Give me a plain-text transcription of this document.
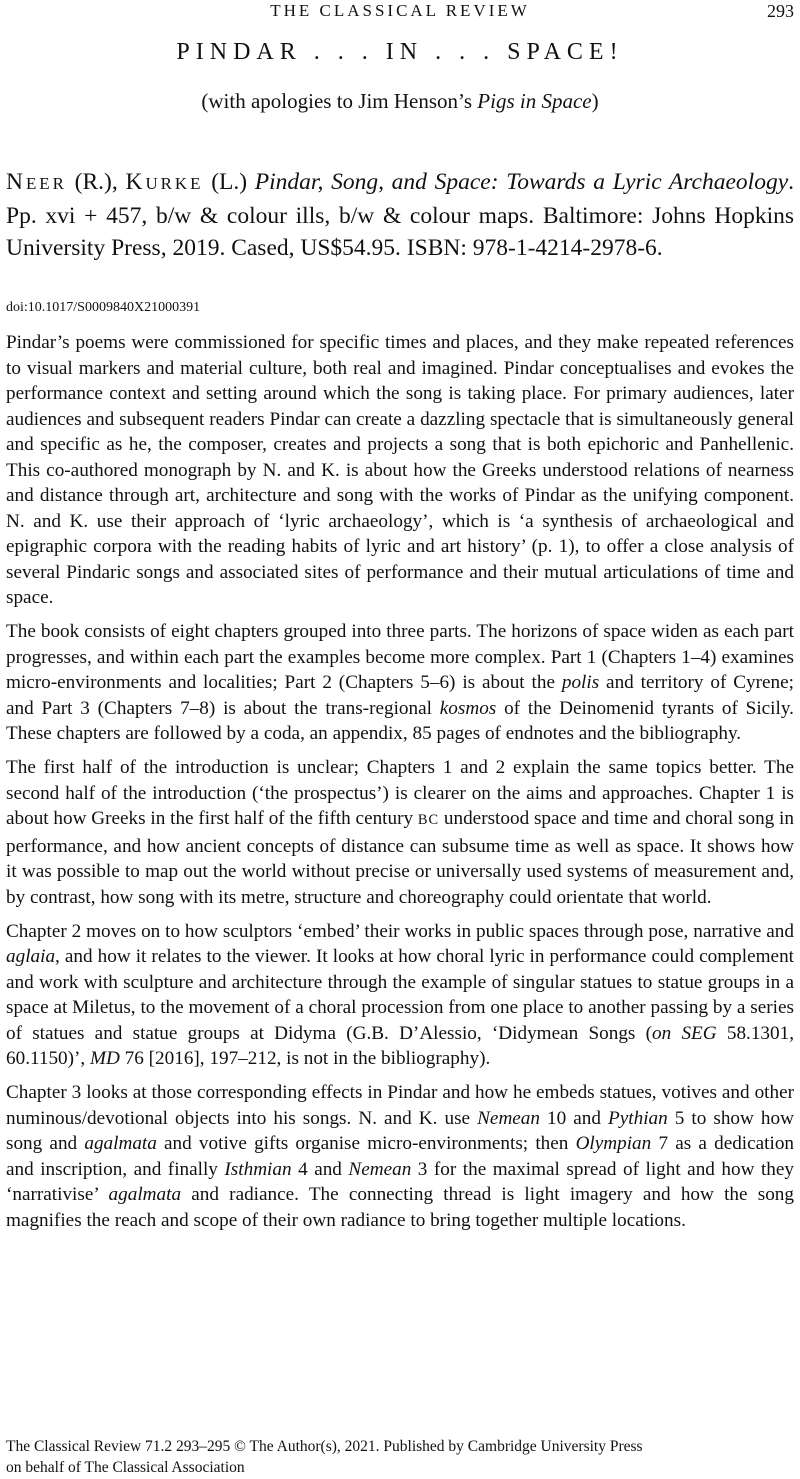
THE CLASSICAL REVIEW	293
PINDAR . . . IN . . . SPACE!
(with apologies to Jim Henson’s Pigs in Space)
NEER (R.), KURKE (L.) Pindar, Song, and Space: Towards a Lyric Archaeology. Pp. xvi + 457, b/w & colour ills, b/w & colour maps. Baltimore: Johns Hopkins University Press, 2019. Cased, US$54.95. ISBN: 978-1-4214-2978-6.
doi:10.1017/S0009840X21000391

Pindar’s poems were commissioned for specific times and places, and they make repeated references to visual markers and material culture, both real and imagined. Pindar conceptualises and evokes the performance context and setting around which the song is taking place. For primary audiences, later audiences and subsequent readers Pindar can create a dazzling spectacle that is simultaneously general and specific as he, the composer, creates and projects a song that is both epichoric and Panhellenic. This co-authored monograph by N. and K. is about how the Greeks understood relations of nearness and distance through art, architecture and song with the works of Pindar as the unifying component. N. and K. use their approach of ‘lyric archaeology’, which is ‘a synthesis of archaeological and epigraphic corpora with the reading habits of lyric and art history’ (p. 1), to offer a close analysis of several Pindaric songs and associated sites of performance and their mutual articulations of time and space.

The book consists of eight chapters grouped into three parts. The horizons of space widen as each part progresses, and within each part the examples become more complex. Part 1 (Chapters 1–4) examines micro-environments and localities; Part 2 (Chapters 5–6) is about the polis and territory of Cyrene; and Part 3 (Chapters 7–8) is about the trans-regional kosmos of the Deinomenid tyrants of Sicily. These chapters are followed by a coda, an appendix, 85 pages of endnotes and the bibliography.

The first half of the introduction is unclear; Chapters 1 and 2 explain the same topics better. The second half of the introduction (‘the prospectus’) is clearer on the aims and approaches. Chapter 1 is about how Greeks in the first half of the fifth century BC understood space and time and choral song in performance, and how ancient concepts of distance can subsume time as well as space. It shows how it was possible to map out the world without precise or universally used systems of measurement and, by contrast, how song with its metre, structure and choreography could orientate that world.

Chapter 2 moves on to how sculptors ‘embed’ their works in public spaces through pose, narrative and aglaia, and how it relates to the viewer. It looks at how choral lyric in performance could complement and work with sculpture and architecture through the example of singular statues to statue groups in a space at Miletus, to the movement of a choral procession from one place to another passing by a series of statues and statue groups at Didyma (G.B. D’Alessio, ‘Didymean Songs (on SEG 58.1301, 60.1150)’, MD 76 [2016], 197–212, is not in the bibliography).

Chapter 3 looks at those corresponding effects in Pindar and how he embeds statues, votives and other numinous/devotional objects into his songs. N. and K. use Nemean 10 and Pythian 5 to show how song and agalmata and votive gifts organise micro-environments; then Olympian 7 as a dedication and inscription, and finally Isthmian 4 and Nemean 3 for the maximal spread of light and how they ‘narrativise’ agalmata and radiance. The connecting thread is light imagery and how the song magnifies the reach and scope of their own radiance to bring together multiple locations.

The Classical Review 71.2 293–295 © The Author(s), 2021. Published by Cambridge University Press
on behalf of The Classical Association
